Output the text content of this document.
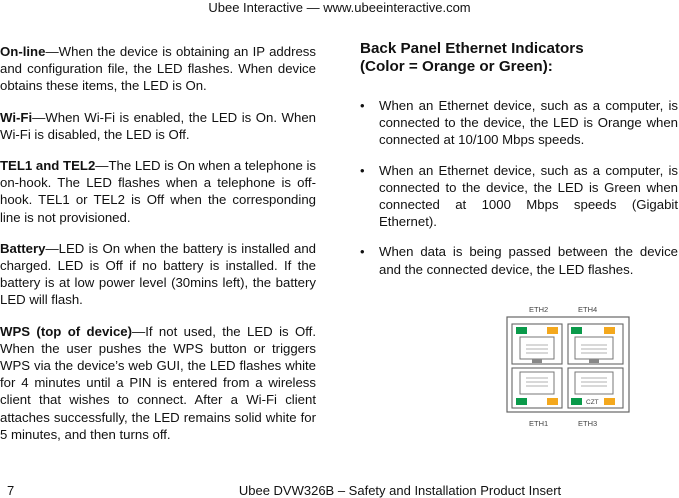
Ubee Interactive — www.ubeeinteractive.com

On-line—When the device is obtaining an IP address and configuration file, the LED flashes. When device obtains these items, the LED is On.

Wi-Fi—When Wi-Fi is enabled, the LED is On. When Wi-Fi is disabled, the LED is Off.

TEL1 and TEL2—The LED is On when a telephone is on-hook. The LED flashes when a telephone is off-hook. TEL1 or TEL2 is Off when the corresponding line is not provisioned.

Battery—LED is On when the battery is installed and charged. LED is Off if no battery is installed. If the battery is at low power level (30mins left), the battery LED will flash.

WPS (top of device)—If not used, the LED is Off. When the user pushes the WPS button or triggers WPS via the device’s web GUI, the LED flashes white for 4 minutes until a PIN is entered from a wireless client that wishes to connect. After a Wi-Fi client attaches successfully, the LED remains solid white for 5 minutes, and then turns off.

Back Panel Ethernet Indicators
(Color = Orange or Green):
• When an Ethernet device, such as a computer, is connected to the device, the LED is Orange when connected at 10/100 Mbps speeds.
• When an Ethernet device, such as a computer, is connected to the device, the LED is Green when connected at 1000 Mbps speeds (Gigabit Ethernet).
• When data is being passed between the device and the connected device, the LED flashes.
ETH2	ETH4
ETH1	ETH3
CZT
7	Ubee DVW326B – Safety and Installation Product Insert
